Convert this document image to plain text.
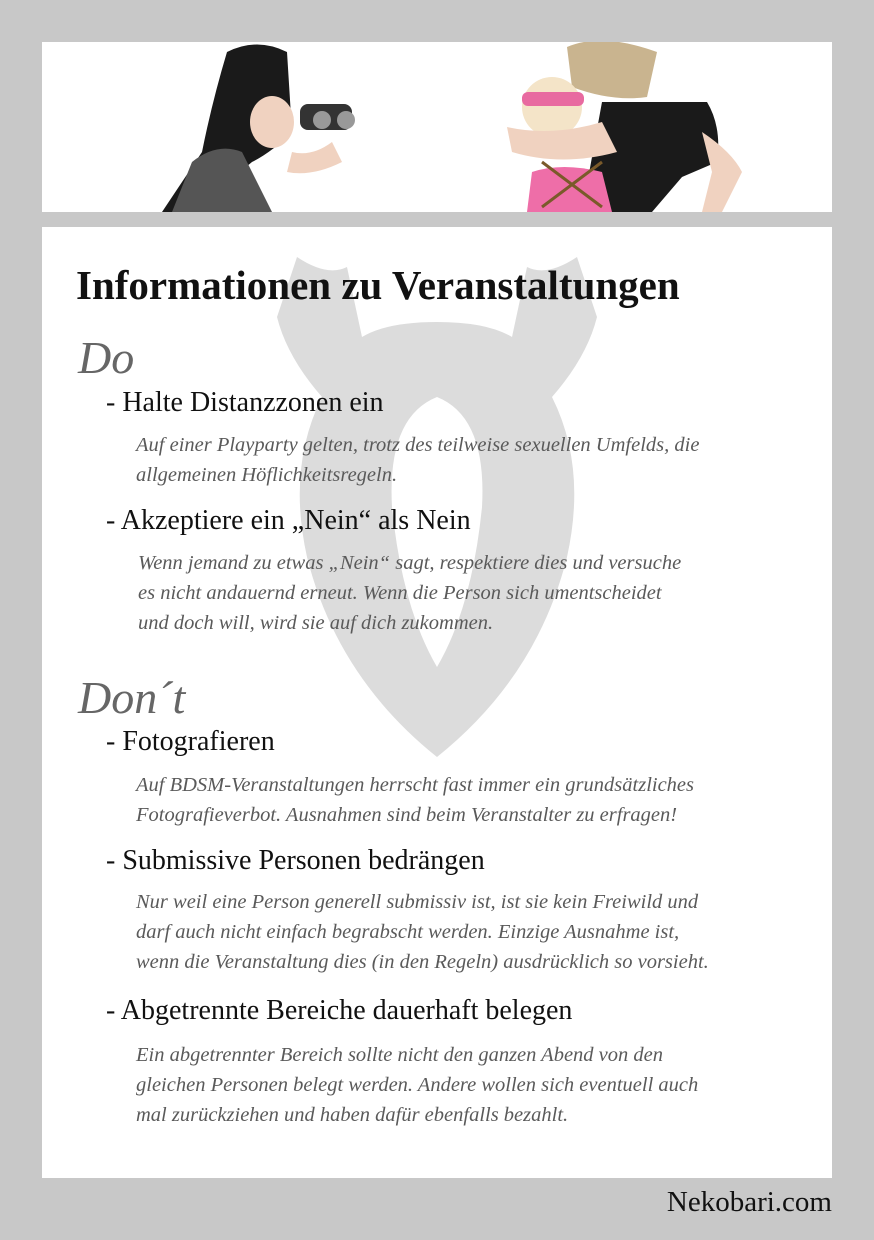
Informationen zu Veranstaltungen
Do
- Halte Distanzzonen ein
Auf einer Playparty gelten, trotz des teilweise sexuellen Umfelds, die
allgemeinen Höflichkeitsregeln.
- Akzeptiere ein „Nein“ als Nein
Wenn jemand zu etwas „Nein“ sagt, respektiere dies und versuche
es nicht andauernd erneut. Wenn die Person sich umentscheidet
und doch will, wird sie auf dich zukommen.
Don´t
- Fotografieren
Auf BDSM-Veranstaltungen herrscht fast immer ein grundsätzliches
Fotografieverbot. Ausnahmen sind beim Veranstalter zu erfragen!
- Submissive Personen bedrängen
Nur weil eine Person generell submissiv ist, ist sie kein Freiwild und
darf auch nicht einfach begrabscht werden. Einzige Ausnahme ist,
wenn die Veranstaltung dies (in den Regeln) ausdrücklich so vorsieht.
- Abgetrennte Bereiche dauerhaft belegen
Ein abgetrennter Bereich sollte nicht den ganzen Abend von den
gleichen Personen belegt werden. Andere wollen sich eventuell auch
mal zurückziehen und haben dafür ebenfalls bezahlt.
Nekobari.com
